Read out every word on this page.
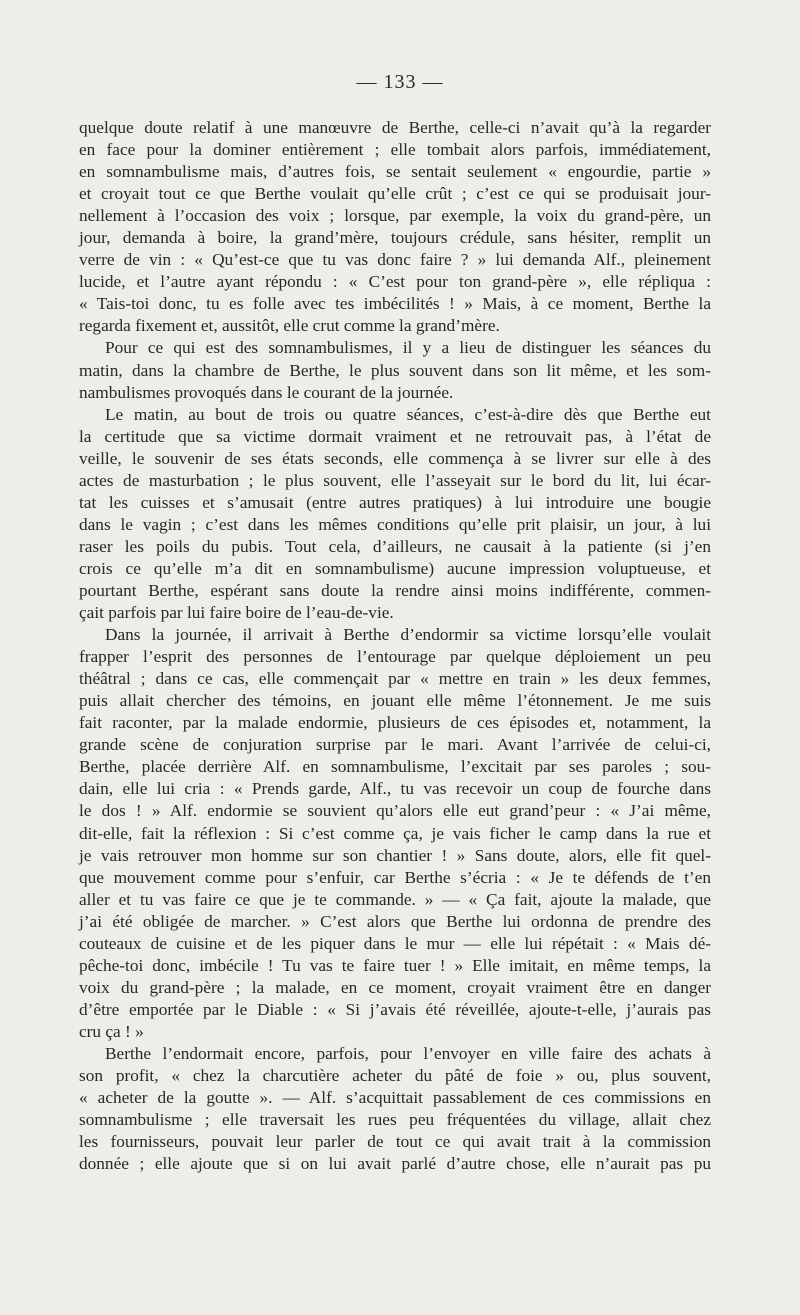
— 133 —
quelque doute relatif à une manœuvre de Berthe, celle-ci n’avait qu’à la regarder
en face pour la dominer entièrement ; elle tombait alors parfois, immédiatement,
en somnambulisme mais, d’autres fois, se sentait seulement « engourdie, partie »
et croyait tout ce que Berthe voulait qu’elle crût ; c’est ce qui se produisait jour-
nellement à l’occasion des voix ; lorsque, par exemple, la voix du grand-père, un
jour, demanda à boire, la grand’mère, toujours crédule, sans hésiter, remplit un
verre de vin : « Qu’est-ce que tu vas donc faire ? » lui demanda Alf., pleinement
lucide, et l’autre ayant répondu : « C’est pour ton grand-père », elle répliqua :
« Tais-toi donc, tu es folle avec tes imbécilités ! » Mais, à ce moment, Berthe la
regarda fixement et, aussitôt, elle crut comme la grand’mère.
Pour ce qui est des somnambulismes, il y a lieu de distinguer les séances du
matin, dans la chambre de Berthe, le plus souvent dans son lit même, et les som-
nambulismes provoqués dans le courant de la journée.
Le matin, au bout de trois ou quatre séances, c’est-à-dire dès que Berthe eut
la certitude que sa victime dormait vraiment et ne retrouvait pas, à l’état de
veille, le souvenir de ses états seconds, elle commença à se livrer sur elle à des
actes de masturbation ; le plus souvent, elle l’asseyait sur le bord du lit, lui écar-
tat les cuisses et s’amusait (entre autres pratiques) à lui introduire une bougie
dans le vagin ; c’est dans les mêmes conditions qu’elle prit plaisir, un jour, à lui
raser les poils du pubis. Tout cela, d’ailleurs, ne causait à la patiente (si j’en
crois ce qu’elle m’a dit en somnambulisme) aucune impression voluptueuse, et
pourtant Berthe, espérant sans doute la rendre ainsi moins indifférente, commen-
çait parfois par lui faire boire de l’eau-de-vie.
Dans la journée, il arrivait à Berthe d’endormir sa victime lorsqu’elle voulait
frapper l’esprit des personnes de l’entourage par quelque déploiement un peu
théâtral ; dans ce cas, elle commençait par « mettre en train » les deux femmes,
puis allait chercher des témoins, en jouant elle même l’étonnement. Je me suis
fait raconter, par la malade endormie, plusieurs de ces épisodes et, notamment, la
grande scène de conjuration surprise par le mari. Avant l’arrivée de celui-ci,
Berthe, placée derrière Alf. en somnambulisme, l’excitait par ses paroles ; sou-
dain, elle lui cria : « Prends garde, Alf., tu vas recevoir un coup de fourche dans
le dos ! » Alf. endormie se souvient qu’alors elle eut grand’peur : « J’ai même,
dit-elle, fait la réflexion : Si c’est comme ça, je vais ficher le camp dans la rue et
je vais retrouver mon homme sur son chantier ! » Sans doute, alors, elle fit quel-
que mouvement comme pour s’enfuir, car Berthe s’écria : « Je te défends de t’en
aller et tu vas faire ce que je te commande. » — « Ça fait, ajoute la malade, que
j’ai été obligée de marcher. » C’est alors que Berthe lui ordonna de prendre des
couteaux de cuisine et de les piquer dans le mur — elle lui répétait : « Mais dé-
pêche-toi donc, imbécile ! Tu vas te faire tuer ! » Elle imitait, en même temps, la
voix du grand-père ; la malade, en ce moment, croyait vraiment être en danger
d’être emportée par le Diable : « Si j’avais été réveillée, ajoute-t-elle, j’aurais pas
cru ça ! »
Berthe l’endormait encore, parfois, pour l’envoyer en ville faire des achats à
son profit, « chez la charcutière acheter du pâté de foie » ou, plus souvent,
« acheter de la goutte ». — Alf. s’acquittait passablement de ces commissions en
somnambulisme ; elle traversait les rues peu fréquentées du village, allait chez
les fournisseurs, pouvait leur parler de tout ce qui avait trait à la commission
donnée ; elle ajoute que si on lui avait parlé d’autre chose, elle n’aurait pas pu
